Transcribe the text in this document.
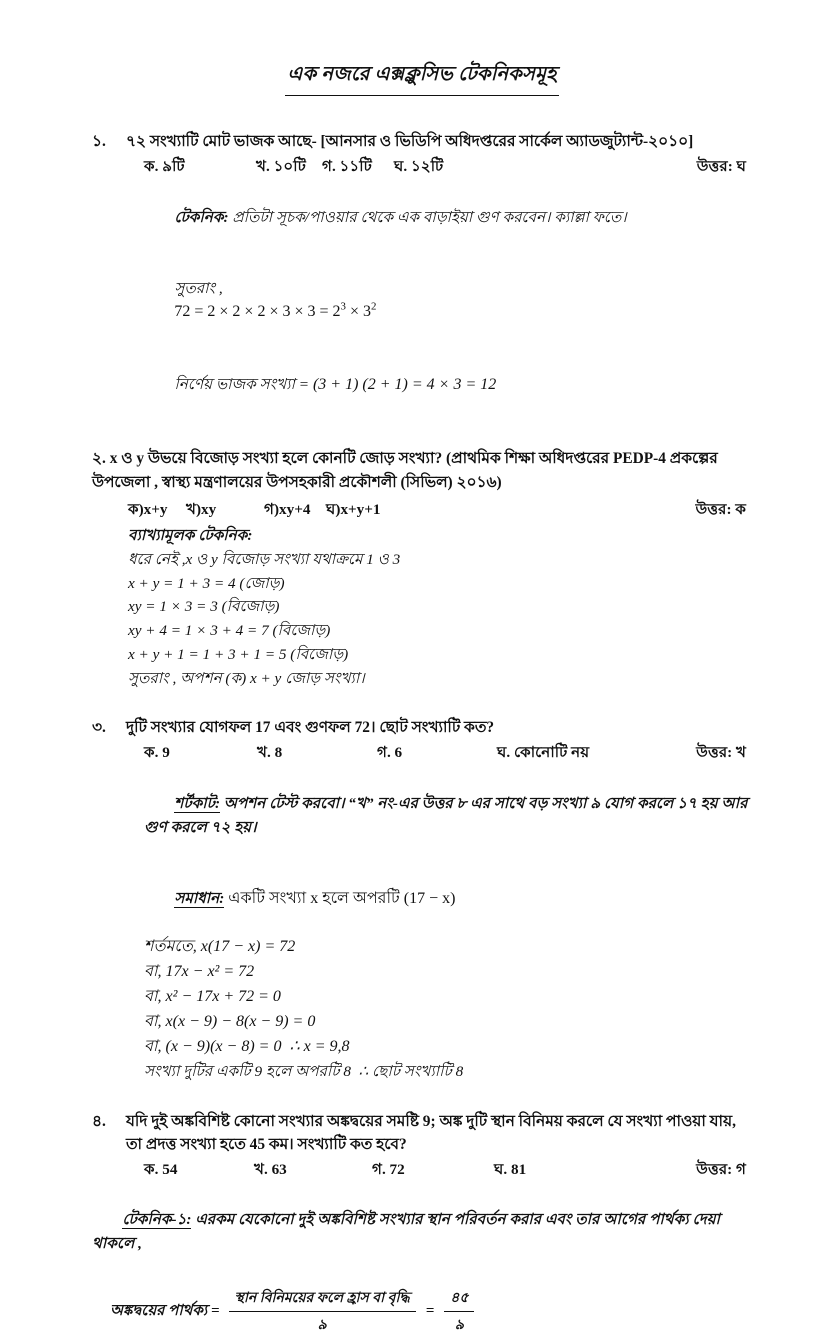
এক নজরে এক্সক্লুসিভ টেকনিকসমূহ
১.	৭২ সংখ্যাটি মোট ভাজক আছে- [আনসার ও ভিডিপি অধিদপ্তরের সার্কেল অ্যাডজুট্যান্ট-২০১০]
ক. ৯টি	খ. ১০টি	গ. ১১টি	ঘ. ১২টি	উত্তর: ঘ

টেকনিক: প্রতিটা সূচক/পাওয়ার থেকে এক বাড়াইয়া গুণ করবেন। ক্যাল্লা ফতে।

সুতরাং ,
$72 = 2 \times 2 \times 2 \times 3 \times 3 = 2^3 \times 3^2$

নির্ণেয় ভাজক সংখ্যা = (3 + 1) (2 + 1) = 4 × 3 = 12

২. x ও y উভয়ে বিজোড় সংখ্যা হলে কোনটি জোড় সংখ্যা? (প্রাথমিক শিক্ষা অধিদপ্তরের PEDP-4 প্রকল্পের উপজেলা , স্বাস্থ্য মন্ত্রণালয়ের উপসহকারী প্রকৌশলী (সিভিল) ২০১৬)
ক)x+y	খ)xy	গ)xy+4	ঘ)x+y+1	উত্তর: ক
ব্যাখ্যামূলক টেকনিক:
ধরে নেই ,x ও y বিজোড় সংখ্যা যথাক্রমে 1 ও 3
x + y = 1 + 3 = 4 (জোড়)
xy = 1 × 3 = 3 (বিজোড়)
xy + 4 = 1 × 3 + 4 = 7 (বিজোড়)
x + y + 1 = 1 + 3 + 1 = 5 (বিজোড়)
সুতরাং , অপশন (ক) x + y জোড় সংখ্যা।
৩.	দুটি সংখ্যার যোগফল 17 এবং গুণফল 72। ছোট সংখ্যাটি কত?
ক. 9	খ. 8	গ. 6	ঘ. কোনোটি নয়	উত্তর: খ

শর্টকাট: অপশন টেস্ট করবো। “খ” নং-এর উত্তর ৮ এর সাথে বড় সংখ্যা ৯ যোগ করলে ১৭ হয় আর গুণ করলে ৭২ হয়।

সমাধান: একটি সংখ্যা x হলে অপরটি (17 − x)

শর্তমতে, x(17 − x) = 72
বা, 17x − x² = 72
বা, x² − 17x + 72 = 0
বা, x(x − 9) − 8(x − 9) = 0
বা, (x − 9)(x − 8) = 0  ∴ x = 9,8
সংখ্যা দুটির একটি 9 হলে অপরটি 8  ∴ ছোট সংখ্যাটি 8
৪.	যদি দুই অঙ্কবিশিষ্ট কোনো সংখ্যার অঙ্কদ্বয়ের সমষ্টি 9; অঙ্ক দুটি স্থান বিনিময় করলে যে সংখ্যা পাওয়া যায়, তা প্রদত্ত সংখ্যা হতে 45 কম। সংখ্যাটি কত হবে?
ক. 54	খ. 63	গ. 72	ঘ. 81	উত্তর: গ

টেকনিক-১: এরকম যেকোনো দুই অঙ্কবিশিষ্ট সংখ্যার স্থান পরিবর্তন করার এবং তার আগের পার্থক্য দেয়া থাকলে ,

অঙ্কদ্বয়ের পার্থক্য = $\frac{\text{স্থান বিনিময়ের ফলে হ্রাস বা বৃদ্ধি}}{৯} = \frac{৪৫}{৯}$
